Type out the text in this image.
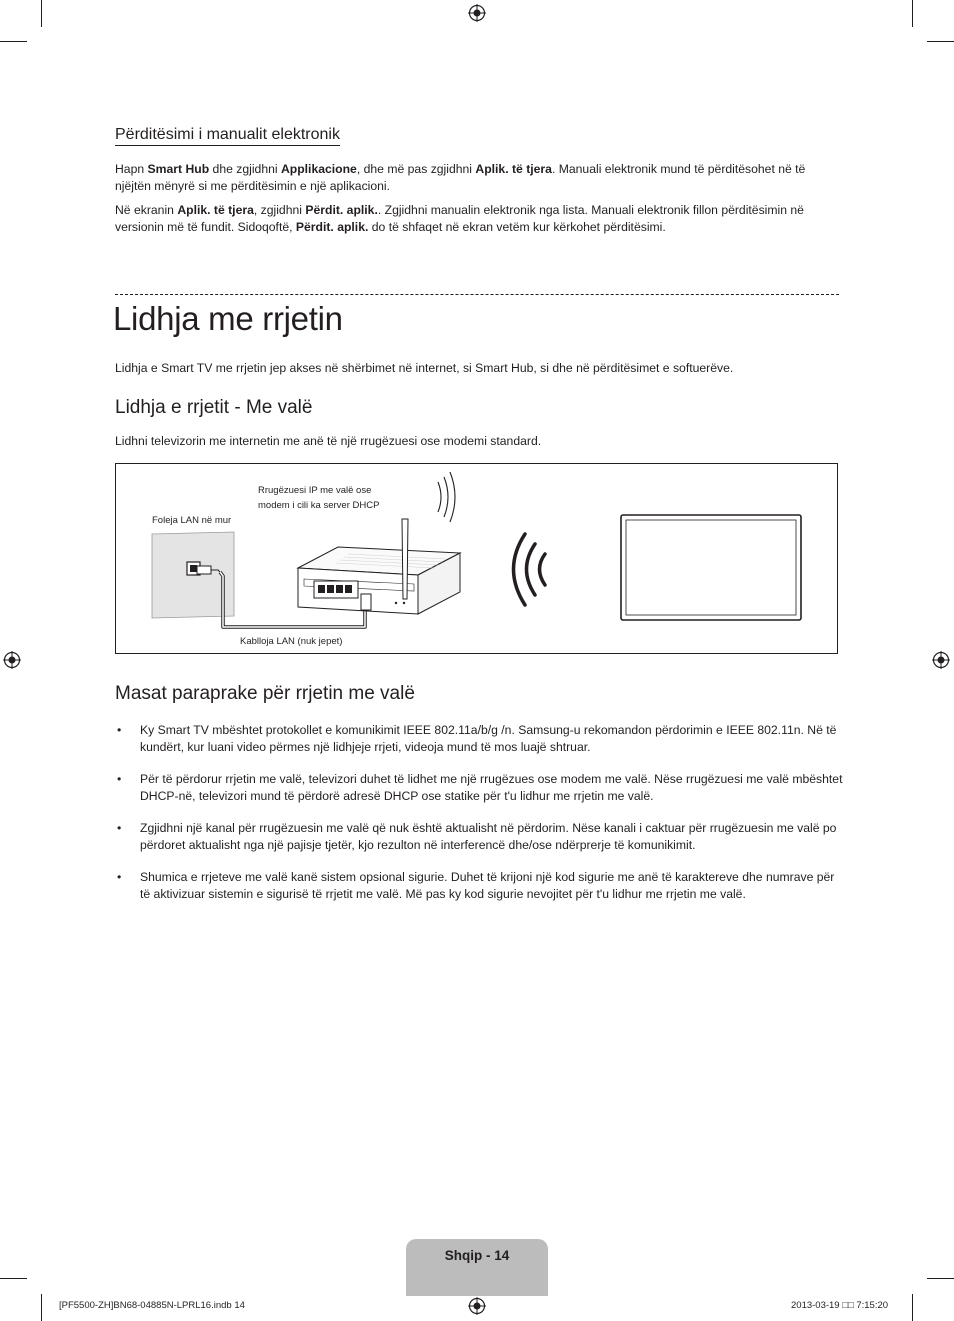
Përditësimi i manualit elektronik
Hapn Smart Hub dhe zgjidhni Applikacione, dhe më pas zgjidhni Aplik. të tjera. Manuali elektronik mund të përditësohet në të njëjtën mënyrë si me përditësimin e një aplikacioni.
Në ekranin Aplik. të tjera, zgjidhni Përdit. aplik.. Zgjidhni manualin elektronik nga lista. Manuali elektronik fillon përditësimin në versionin më të fundit. Sidoqoftë, Përdit. aplik. do të shfaqet në ekran vetëm kur kërkohet përditësimi.
Lidhja me rrjetin
Lidhja e Smart TV me rrjetin jep akses në shërbimet në internet, si Smart Hub, si dhe në përditësimet e softuerëve.
Lidhja e rrjetit - Me valë
Lidhni televizorin me internetin me anë të një rrugëzuesi ose modemi standard.
Rrugëzuesi IP me valë ose
modem i cili ka server DHCP
Foleja LAN në mur
Kablloja LAN (nuk jepet)
Masat paraprake për rrjetin me valë
• Ky Smart TV mbështet protokollet e komunikimit IEEE 802.11a/b/g /n. Samsung-u rekomandon përdorimin e IEEE 802.11n. Në të kundërt, kur luani video përmes një lidhjeje rrjeti, videoja mund të mos luajë shtruar.
• Për të përdorur rrjetin me valë, televizori duhet të lidhet me një rrugëzues ose modem me valë. Nëse rrugëzuesi me valë mbështet DHCP-në, televizori mund të përdorë adresë DHCP ose statike për t'u lidhur me rrjetin me valë.
• Zgjidhni një kanal për rrugëzuesin me valë që nuk është aktualisht në përdorim. Nëse kanali i caktuar për rrugëzuesin me valë po përdoret aktualisht nga një pajisje tjetër, kjo rezulton në interferencë dhe/ose ndërprerje të komunikimit.
• Shumica e rrjeteve me valë kanë sistem opsional sigurie. Duhet të krijoni një kod sigurie me anë të karaktereve dhe numrave për të aktivizuar sistemin e sigurisë të rrjetit me valë. Më pas ky kod sigurie nevojitet për t'u lidhur me rrjetin me valë.
Shqip - 14
[PF5500-ZH]BN68-04885N-LPRL16.indb 14	2013-03-19 □□ 7:15:20
